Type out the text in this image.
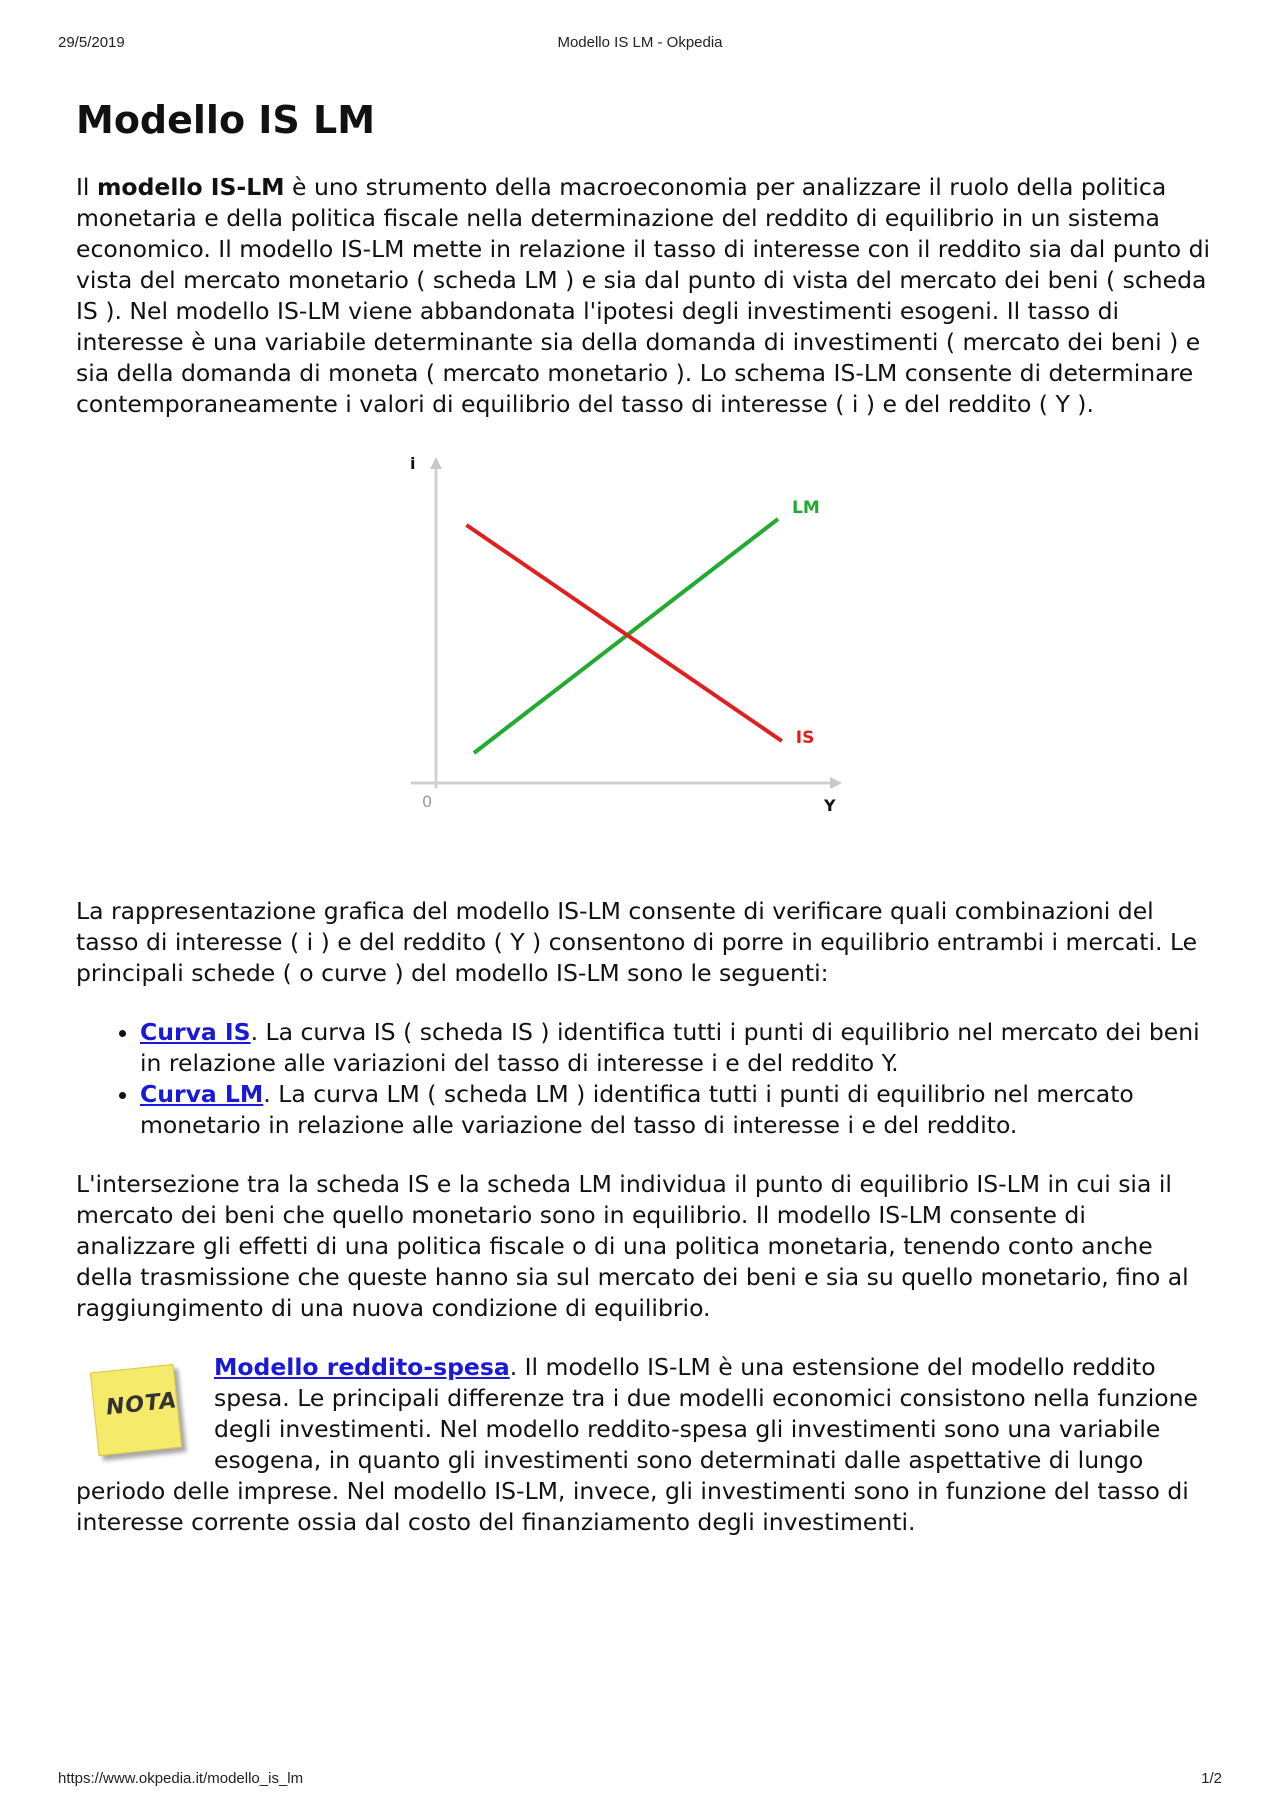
29/5/2019	Modello IS LM - Okpedia
Modello IS LM

Il modello IS-LM è uno strumento della macroeconomia per analizzare il ruolo della politica monetaria e della politica fiscale nella determinazione del reddito di equilibrio in un sistema economico. Il modello IS-LM mette in relazione il tasso di interesse con il reddito sia dal punto di vista del mercato monetario ( scheda LM ) e sia dal punto di vista del mercato dei beni ( scheda IS ). Nel modello IS-LM viene abbandonata l'ipotesi degli investimenti esogeni. Il tasso di interesse è una variabile determinante sia della domanda di investimenti ( mercato dei beni ) e sia della domanda di moneta ( mercato monetario ). Lo schema IS-LM consente di determinare contemporaneamente i valori di equilibrio del tasso di interesse ( i ) e del reddito ( Y ).

i
Y
0
LM
IS

La rappresentazione grafica del modello IS-LM consente di verificare quali combinazioni del tasso di interesse ( i ) e del reddito ( Y ) consentono di porre in equilibrio entrambi i mercati. Le principali schede ( o curve ) del modello IS-LM sono le seguenti:

• Curva IS. La curva IS ( scheda IS ) identifica tutti i punti di equilibrio nel mercato dei beni in relazione alle variazioni del tasso di interesse i e del reddito Y.
• Curva LM. La curva LM ( scheda LM ) identifica tutti i punti di equilibrio nel mercato monetario in relazione alle variazione del tasso di interesse i e del reddito.

L'intersezione tra la scheda IS e la scheda LM individua il punto di equilibrio IS-LM in cui sia il mercato dei beni che quello monetario sono in equilibrio. Il modello IS-LM consente di analizzare gli effetti di una politica fiscale o di una politica monetaria, tenendo conto anche della trasmissione che queste hanno sia sul mercato dei beni e sia su quello monetario, fino al raggiungimento di una nuova condizione di equilibrio.

NOTA

Modello reddito-spesa. Il modello IS-LM è una estensione del modello reddito spesa. Le principali differenze tra i due modelli economici consistono nella funzione degli investimenti. Nel modello reddito-spesa gli investimenti sono una variabile esogena, in quanto gli investimenti sono determinati dalle aspettative di lungo periodo delle imprese. Nel modello IS-LM, invece, gli investimenti sono in funzione del tasso di interesse corrente ossia dal costo del finanziamento degli investimenti.

https://www.okpedia.it/modello_is_lm	1/2
